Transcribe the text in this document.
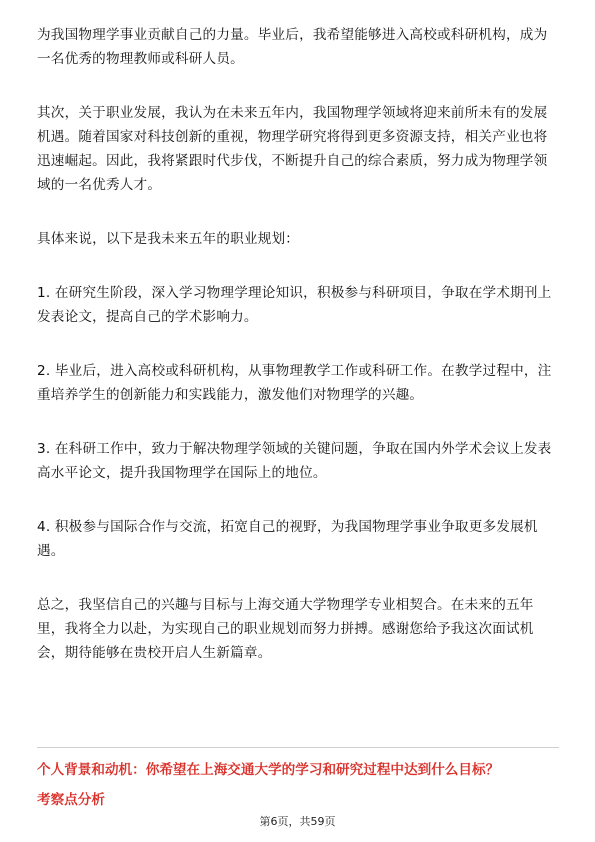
为我国物理学事业贡献自己的力量。毕业后，我希望能够进入高校或科研机构，成为一名优秀的物理教师或科研人员。

其次，关于职业发展，我认为在未来五年内，我国物理学领域将迎来前所未有的发展机遇。随着国家对科技创新的重视，物理学研究将得到更多资源支持，相关产业也将迅速崛起。因此，我将紧跟时代步伐，不断提升自己的综合素质，努力成为物理学领域的一名优秀人才。

具体来说，以下是我未来五年的职业规划：

1. 在研究生阶段，深入学习物理学理论知识，积极参与科研项目，争取在学术期刊上发表论文，提高自己的学术影响力。

2. 毕业后，进入高校或科研机构，从事物理教学工作或科研工作。在教学过程中，注重培养学生的创新能力和实践能力，激发他们对物理学的兴趣。

3. 在科研工作中，致力于解决物理学领域的关键问题，争取在国内外学术会议上发表高水平论文，提升我国物理学在国际上的地位。

4. 积极参与国际合作与交流，拓宽自己的视野，为我国物理学事业争取更多发展机遇。

总之，我坚信自己的兴趣与目标与上海交通大学物理学专业相契合。在未来的五年里，我将全力以赴，为实现自己的职业规划而努力拼搏。感谢您给予我这次面试机会，期待能够在贵校开启人生新篇章。

个人背景和动机：你希望在上海交通大学的学习和研究过程中达到什么目标？
考察点分析
第6页，共59页
